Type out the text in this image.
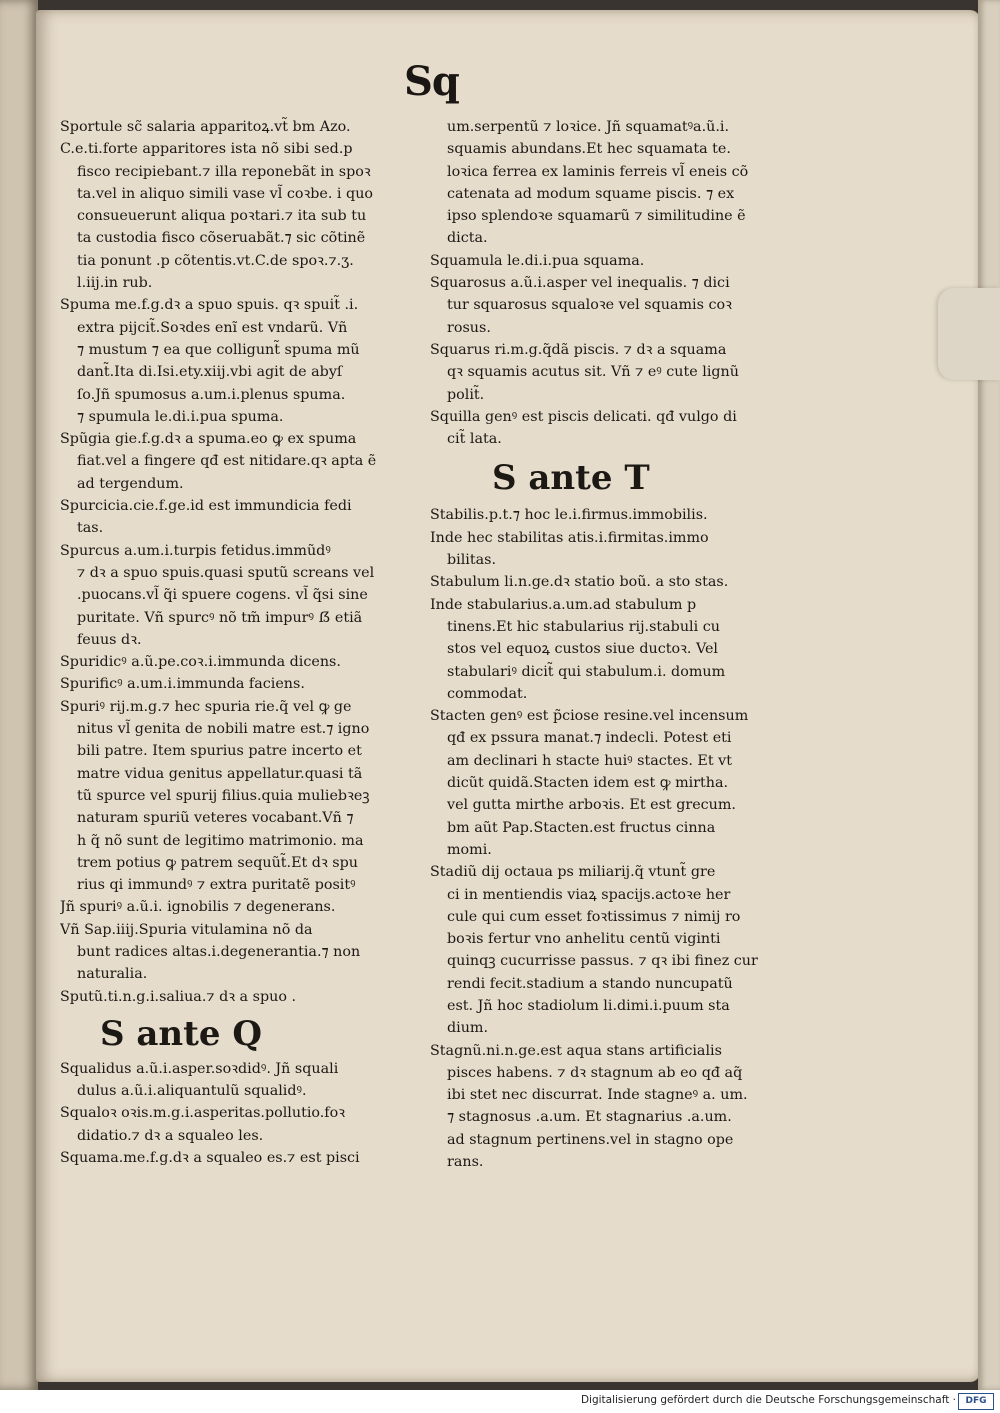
Sq
Sportule sc̃ salaria apparitoꝝ.vt̃ bm Azo.
C.e.ti.forte apparitores ista nõ sibi sed.p
fisco recipiebant.⁊ illa reponebãt in spoꝛ
ta.vel in aliquo simili vase vl̃ coꝛbe. i quo
consueuerunt aliqua poꝛtari.⁊ ita sub tu
ta custodia fisco cõseruabãt.⁊ sic cõtinẽ
tia ponunt .p cõtentis.vt.C.de spoꝛ.⁊.ʒ.
l.iij.in rub.
Spuma me.f.g.dꝛ a spuo spuis. qꝛ spuit̃ .i.
extra pijcit̃.Soꝛdes enĩ est vndarũ. Vñ
⁊ mustum ⁊ ea que colligunt̃ spuma mũ
dant̃.Ita di.Isi.ety.xiij.vbi agit de abyſ
ſo.Jñ spumosus a.um.i.plenus spuma.
⁊ spumula le.di.i.pua spuma.
Spũgia gie.f.g.dꝛ a spuma.eo ꝙ ex spuma
fiat.vel a fingere qđ est nitidare.qꝛ apta ẽ
ad tergendum.
Spurcicia.cie.f.ge.id est immundicia fedi
tas.
Spurcus a.um.i.turpis fetidus.immũdꝰ
⁊ dꝛ a spuo spuis.quasi sputũ screans vel
.puocans.vl̃ q̃i spuere cogens. vl̃ q̃si sine
puritate. Vñ spurcꝰ nõ tm̃ impurꝰ ẞ etiã
feuus dꝛ.
Spuridicꝰ a.ũ.pe.coꝛ.i.immunda dicens.
Spurificꝰ a.um.i.immunda faciens.
Spuriꝰ rij.m.g.⁊ hec spuria rie.q̃ vel ꝙ ge
nitus vl̃ genita de nobili matre est.⁊ igno
bili patre. Item spurius patre incerto et
matre vidua genitus appellatur.quasi tã
tũ spurce vel spurij filius.quia muliebꝛeꝫ
naturam spuriũ veteres vocabant.Vñ ⁊
h q̃ nõ sunt de legitimo matrimonio. ma
trem potius ꝙ patrem sequũt̃.Et dꝛ spu
rius qi immundꝰ ⁊ extra puritatẽ positꝰ
Jñ spuriꝰ a.ũ.i. ignobilis ⁊ degenerans.
Vñ Sap.iiij.Spuria vitulamina nõ da
bunt radices altas.i.degenerantia.⁊ non
naturalia.
Sputũ.ti.n.g.i.saliua.⁊ dꝛ a spuo .
S ante Q
Squalidus a.ũ.i.asper.soꝛdidꝰ. Jñ squali
dulus a.ũ.i.aliquantulũ squalidꝰ.
Squaloꝛ oꝛis.m.g.i.asperitas.pollutio.foꝛ
didatio.⁊ dꝛ a squaleo les.
Squama.me.f.g.dꝛ a squaleo es.⁊ est pisci
um.serpentũ ⁊ loꝛice. Jñ squamatꝰa.ũ.i.
squamis abundans.Et hec squamata te.
loꝛica ferrea ex laminis ferreis vl̃ eneis cõ
catenata ad modum squame piscis. ⁊ ex
ipso splendoꝛe squamarũ ⁊ similitudine ẽ
dicta.
Squamula le.di.i.pua squama.
Squarosus a.ũ.i.asper vel inequalis. ⁊ dici
tur squarosus squaloꝛe vel squamis coꝛ
rosus.
Squarus ri.m.g.q̃dã piscis. ⁊ dꝛ a squama
qꝛ squamis acutus sit. Vñ ⁊ eꝰ cute lignũ
polit̃.
Squilla genꝰ est piscis delicati. qđ vulgo di
cit̃ lata.
S ante T
Stabilis.p.t.⁊ hoc le.i.firmus.immobilis.
Inde hec stabilitas atis.i.firmitas.immo
bilitas.
Stabulum li.n.ge.dꝛ statio boũ. a sto stas.
Inde stabularius.a.um.ad stabulum p
tinens.Et hic stabularius rij.stabuli cu
stos vel equoꝝ custos siue ductoꝛ. Vel
stabulariꝰ dicit̃ qui stabulum.i. domum
commodat.
Stacten genꝰ est p̃ciose resine.vel incensum
qđ ex pssura manat.⁊ indecli. Potest eti
am declinari h stacte huiꝰ stactes. Et vt
dicũt quidã.Stacten idem est ꝙ mirtha.
vel gutta mirthe arboꝛis. Et est grecum.
bm aũt Pap.Stacten.est fructus cinna
momi.
Stadiũ dij octaua ps miliarij.q̃ vtunt̃ gre
ci in mentiendis viaꝝ spacijs.actoꝛe her
cule qui cum esset foꝛtissimus ⁊ nimij ro
boꝛis fertur vno anhelitu centũ viginti
quinqꝫ cucurrisse passus. ⁊ qꝛ ibi finez cur
rendi fecit.stadium a stando nuncupatũ
est. Jñ hoc stadiolum li.dimi.i.puum sta
dium.
Stagnũ.ni.n.ge.est aqua stans artificialis
pisces habens. ⁊ dꝛ stagnum ab eo qđ aq̃
ibi stet nec discurrat. Inde stagneꝰ a. um.
⁊ stagnosus .a.um. Et stagnarius .a.um.
ad stagnum pertinens.vel in stagno ope
rans.
Digitalisierung gefördert durch die Deutsche Forschungsgemeinschaft ·	DFG
